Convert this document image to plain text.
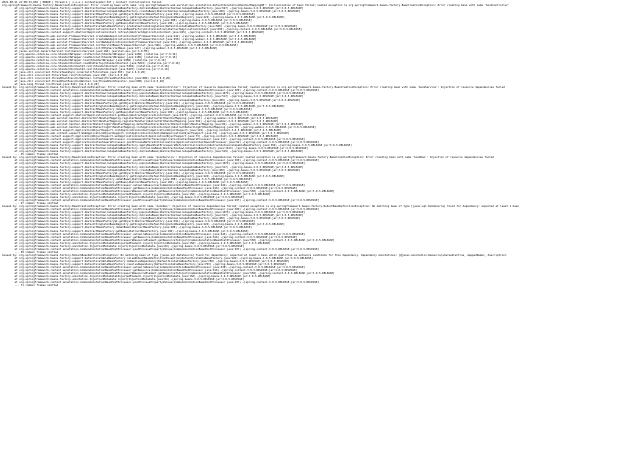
2021-08-21 21:00:34,836 | ERROR | Thread-1 | o.s.w.c.ContextLoader:347 | Context initialization failed
org.springframework.beans.factory.BeanCreationException: Error creating bean with name 'org.springframework.web.servlet.mvc.annotation.DefaultAnnotationHandlerMapping#0': Initialization of bean failed; nested exception is org.springframework.beans.factory.BeanCreationException: Error creating bean with name 'bookController'
	at org.springframework.beans.factory.support.AbstractAutowireCapableBeanFactory.doCreateBean(AbstractAutowireCapableBeanFactory.java:527) ~[spring-beans-3.0.5.RELEASE.jar:3.0.5.RELEASE]
	at org.springframework.beans.factory.support.AbstractAutowireCapableBeanFactory.createBean(AbstractAutowireCapableBeanFactory.java:456) ~[spring-beans-3.0.5.RELEASE.jar:3.0.5.RELEASE]
	at org.springframework.beans.factory.support.AbstractBeanFactory$1.getObject(AbstractBeanFactory.java:291) ~[spring-beans-3.0.5.RELEASE.jar:3.0.5.RELEASE]
	at org.springframework.beans.factory.support.DefaultSingletonBeanRegistry.getSingleton(DefaultSingletonBeanRegistry.java:222) ~[spring-beans-3.0.5.RELEASE.jar:3.0.5.RELEASE]
	at org.springframework.beans.factory.support.AbstractBeanFactory.doGetBean(AbstractBeanFactory.java:288) ~[spring-beans-3.0.5.RELEASE.jar:3.0.5.RELEASE]
	at org.springframework.beans.factory.support.AbstractBeanFactory.getBean(AbstractBeanFactory.java:190) ~[spring-beans-3.0.5.RELEASE.jar:3.0.5.RELEASE]
	at org.springframework.beans.factory.support.DefaultListableBeanFactory.preInstantiateSingletons(DefaultListableBeanFactory.java:580) ~[spring-beans-3.0.5.RELEASE.jar:3.0.5.RELEASE]
	at org.springframework.context.support.AbstractApplicationContext.finishBeanFactoryInitialization(AbstractApplicationContext.java:895) ~[spring-context-3.0.5.RELEASE.jar:3.0.5.RELEASE]
	at org.springframework.context.support.AbstractApplicationContext.refresh(AbstractApplicationContext.java:425) ~[spring-context-3.0.5.RELEASE.jar:3.0.5.RELEASE]
	at org.springframework.web.servlet.FrameworkServlet.createWebApplicationContext(FrameworkServlet.java:442) ~[spring-webmvc-3.0.5.RELEASE.jar:3.0.5.RELEASE]
	at org.springframework.web.servlet.FrameworkServlet.createWebApplicationContext(FrameworkServlet.java:458) ~[spring-webmvc-3.0.5.RELEASE.jar:3.0.5.RELEASE]
	at org.springframework.web.servlet.FrameworkServlet.initWebApplicationContext(FrameworkServlet.java:339) ~[spring-webmvc-3.0.5.RELEASE.jar:3.0.5.RELEASE]
	at org.springframework.web.servlet.FrameworkServlet.initServletBean(FrameworkServlet.java:306) ~[spring-webmvc-3.0.5.RELEASE.jar:3.0.5.RELEASE]
	at org.springframework.web.servlet.HttpServletBean.init(HttpServletBean.java:127) ~[spring-webmvc-3.0.5.RELEASE.jar:3.0.5.RELEASE]
	at javax.servlet.GenericServlet.init(GenericServlet.java:160) [servlet-api.jar:3.0.FR]
	at org.apache.catalina.core.StandardWrapper.initServlet(StandardWrapper.java:1266) [catalina.jar:7.0.16]
	at org.apache.catalina.core.StandardWrapper.loadServlet(StandardWrapper.java:1185) [catalina.jar:7.0.16]
	at org.apache.catalina.core.StandardWrapper.load(StandardWrapper.java:1080) [catalina.jar:7.0.16]
	at org.apache.catalina.core.StandardContext.loadOnStartup(StandardContext.java:5015) [catalina.jar:7.0.16]
	at org.apache.catalina.core.StandardContext$3.call(StandardContext.java:5302) [catalina.jar:7.0.16]
	at org.apache.catalina.core.StandardContext$3.call(StandardContext.java:5297) [catalina.jar:7.0.16]
	at java.util.concurrent.FutureTask$Sync.innerCall(FutureTask.java:303) [na:1.6.0_20]
	at java.util.concurrent.FutureTask.run(FutureTask.java:138) [na:1.6.0_20]
	at java.util.concurrent.ThreadPoolExecutor$Worker.runTask(ThreadPoolExecutor.java:886) [na:1.6.0_20]
	at java.util.concurrent.ThreadPoolExecutor$Worker.run(ThreadPoolExecutor.java:908) [na:1.6.0_20]
	at java.lang.Thread.run(Thread.java:619) [na:1.6.0_20]
Caused by: org.springframework.beans.factory.BeanCreationException: Error creating bean with name 'bookController': Injection of resource dependencies failed; nested exception is org.springframework.beans.factory.BeanCreationException: Error creating bean with name 'bookService': Injection of resource dependencies failed
	at org.springframework.context.annotation.CommonAnnotationBeanPostProcessor.postProcessPropertyValues(CommonAnnotationBeanPostProcessor.java:300) ~[spring-context-3.0.5.RELEASE.jar:3.0.5.RELEASE]
	at org.springframework.beans.factory.support.AbstractAutowireCapableBeanFactory.populateBean(AbstractAutowireCapableBeanFactory.java:1074) ~[spring-beans-3.0.5.RELEASE.jar:3.0.5.RELEASE]
	at org.springframework.beans.factory.support.AbstractAutowireCapableBeanFactory.doCreateBean(AbstractAutowireCapableBeanFactory.java:517) ~[spring-beans-3.0.5.RELEASE.jar:3.0.5.RELEASE]
	at org.springframework.beans.factory.support.AbstractAutowireCapableBeanFactory.createBean(AbstractAutowireCapableBeanFactory.java:456) ~[spring-beans-3.0.5.RELEASE.jar:3.0.5.RELEASE]
	at org.springframework.beans.factory.support.AbstractBeanFactory$1.getObject(AbstractBeanFactory.java:291) ~[spring-beans-3.0.5.RELEASE.jar:3.0.5.RELEASE]
	at org.springframework.beans.factory.support.DefaultSingletonBeanRegistry.getSingleton(DefaultSingletonBeanRegistry.java:222) ~[spring-beans-3.0.5.RELEASE.jar:3.0.5.RELEASE]
	at org.springframework.beans.factory.support.AbstractBeanFactory.doGetBean(AbstractBeanFactory.java:288) ~[spring-beans-3.0.5.RELEASE.jar:3.0.5.RELEASE]
	at org.springframework.beans.factory.support.AbstractBeanFactory.getBean(AbstractBeanFactory.java:190) ~[spring-beans-3.0.5.RELEASE.jar:3.0.5.RELEASE]
	at org.springframework.context.support.AbstractApplicationContext.getBean(AbstractApplicationContext.java:1075) ~[spring-context-3.0.5.RELEASE.jar:3.0.5.RELEASE]
	at org.springframework.web.servlet.handler.AbstractUrlHandlerMapping.registerHandler(AbstractUrlHandlerMapping.java:383) ~[spring-webmvc-3.0.5.RELEASE.jar:3.0.5.RELEASE]
	at org.springframework.web.servlet.handler.AbstractUrlHandlerMapping.registerHandler(AbstractUrlHandlerMapping.java:362) ~[spring-webmvc-3.0.5.RELEASE.jar:3.0.5.RELEASE]
	at org.springframework.web.servlet.handler.AbstractDetectingUrlHandlerMapping.detectHandlers(AbstractDetectingUrlHandlerMapping.java:82) ~[spring-webmvc-3.0.5.RELEASE.jar:3.0.5.RELEASE]
	at org.springframework.web.servlet.handler.AbstractDetectingUrlHandlerMapping.initApplicationContext(AbstractDetectingUrlHandlerMapping.java:58) ~[spring-webmvc-3.0.5.RELEASE.jar:3.0.5.RELEASE]
	at org.springframework.context.support.ApplicationObjectSupport.initApplicationContext(ApplicationObjectSupport.java:119) ~[spring-context-3.0.5.RELEASE.jar:3.0.5.RELEASE]
	at org.springframework.web.context.support.WebApplicationObjectSupport.initApplicationContext(WebApplicationObjectSupport.java:72) ~[spring-web-3.0.5.RELEASE.jar:3.0.5.RELEASE]
	at org.springframework.context.support.ApplicationObjectSupport.setApplicationContext(ApplicationObjectSupport.java:73) ~[spring-context-3.0.5.RELEASE.jar:3.0.5.RELEASE]
	at org.springframework.context.support.ApplicationContextAwareProcessor.invokeAwareInterfaces(ApplicationContextAwareProcessor.java:117) ~[spring-context-3.0.5.RELEASE.jar:3.0.5.RELEASE]
	at org.springframework.context.support.ApplicationContextAwareProcessor.postProcessBeforeInitialization(ApplicationContextAwareProcessor.java:92) ~[spring-context-3.0.5.RELEASE.jar:3.0.5.RELEASE]
	at org.springframework.beans.factory.support.AbstractAutowireCapableBeanFactory.applyBeanPostProcessorsBeforeInitialization(AbstractAutowireCapableBeanFactory.java:394) ~[spring-beans-3.0.5.RELEASE.jar:3.0.5.RELEASE]
	at org.springframework.beans.factory.support.AbstractAutowireCapableBeanFactory.initializeBean(AbstractAutowireCapableBeanFactory.java:1413) ~[spring-beans-3.0.5.RELEASE.jar:3.0.5.RELEASE]
	at org.springframework.beans.factory.support.AbstractAutowireCapableBeanFactory.doCreateBean(AbstractAutowireCapableBeanFactory.java:519) ~[spring-beans-3.0.5.RELEASE.jar:3.0.5.RELEASE]
	... 25 common frames omitted
Caused by: org.springframework.beans.factory.BeanCreationException: Error creating bean with name 'bookService': Injection of resource dependencies failed; nested exception is org.springframework.beans.factory.BeanCreationException: Error creating bean with name 'bookDao': Injection of resource dependencies failed
	at org.springframework.context.annotation.CommonAnnotationBeanPostProcessor.postProcessPropertyValues(CommonAnnotationBeanPostProcessor.java:300) ~[spring-context-3.0.5.RELEASE.jar:3.0.5.RELEASE]
	at org.springframework.beans.factory.support.AbstractAutowireCapableBeanFactory.populateBean(AbstractAutowireCapableBeanFactory.java:1074) ~[spring-beans-3.0.5.RELEASE.jar:3.0.5.RELEASE]
	at org.springframework.beans.factory.support.AbstractAutowireCapableBeanFactory.doCreateBean(AbstractAutowireCapableBeanFactory.java:517) ~[spring-beans-3.0.5.RELEASE.jar:3.0.5.RELEASE]
	at org.springframework.beans.factory.support.AbstractAutowireCapableBeanFactory.createBean(AbstractAutowireCapableBeanFactory.java:456) ~[spring-beans-3.0.5.RELEASE.jar:3.0.5.RELEASE]
	at org.springframework.beans.factory.support.AbstractBeanFactory$1.getObject(AbstractBeanFactory.java:291) ~[spring-beans-3.0.5.RELEASE.jar:3.0.5.RELEASE]
	at org.springframework.beans.factory.support.DefaultSingletonBeanRegistry.getSingleton(DefaultSingletonBeanRegistry.java:222) ~[spring-beans-3.0.5.RELEASE.jar:3.0.5.RELEASE]
	at org.springframework.beans.factory.support.AbstractBeanFactory.doGetBean(AbstractBeanFactory.java:288) ~[spring-beans-3.0.5.RELEASE.jar:3.0.5.RELEASE]
	at org.springframework.beans.factory.support.AbstractBeanFactory.getBean(AbstractBeanFactory.java:190) ~[spring-beans-3.0.5.RELEASE.jar:3.0.5.RELEASE]
	at org.springframework.context.annotation.CommonAnnotationBeanPostProcessor.autowireResource(CommonAnnotationBeanPostProcessor.java:442) ~[spring-context-3.0.5.RELEASE.jar:3.0.5.RELEASE]
	at org.springframework.context.annotation.CommonAnnotationBeanPostProcessor.getResource(CommonAnnotationBeanPostProcessor.java:416) ~[spring-context-3.0.5.RELEASE.jar:3.0.5.RELEASE]
	at org.springframework.context.annotation.CommonAnnotationBeanPostProcessor$ResourceElement.getResourceToInject(CommonAnnotationBeanPostProcessor.java:550) ~[spring-context-3.0.5.RELEASE.jar:3.0.5.RELEASE]
	at org.springframework.beans.factory.annotation.InjectionMetadata$InjectedElement.inject(InjectionMetadata.java:150) ~[spring-beans-3.0.5.RELEASE.jar:3.0.5.RELEASE]
	at org.springframework.beans.factory.annotation.InjectionMetadata.inject(InjectionMetadata.java:84) ~[spring-beans-3.0.5.RELEASE.jar:3.0.5.RELEASE]
	at org.springframework.context.annotation.CommonAnnotationBeanPostProcessor.postProcessPropertyValues(CommonAnnotationBeanPostProcessor.java:297) ~[spring-context-3.0.5.RELEASE.jar:3.0.5.RELEASE]
	... 47 common frames omitted
Caused by: org.springframework.beans.factory.BeanCreationException: Error creating bean with name 'bookDao': Injection of resource dependencies failed; nested exception is org.springframework.beans.factory.NoSuchBeanDefinitionException: No matching bean of type [javax.sql.DataSource] found for dependency: expected at least 1 bean
	at org.springframework.context.annotation.CommonAnnotationBeanPostProcessor.postProcessPropertyValues(CommonAnnotationBeanPostProcessor.java:300) ~[spring-context-3.0.5.RELEASE.jar:3.0.5.RELEASE]
	at org.springframework.beans.factory.support.AbstractAutowireCapableBeanFactory.populateBean(AbstractAutowireCapableBeanFactory.java:1074) ~[spring-beans-3.0.5.RELEASE.jar:3.0.5.RELEASE]
	at org.springframework.beans.factory.support.AbstractAutowireCapableBeanFactory.doCreateBean(AbstractAutowireCapableBeanFactory.java:517) ~[spring-beans-3.0.5.RELEASE.jar:3.0.5.RELEASE]
	at org.springframework.beans.factory.support.AbstractAutowireCapableBeanFactory.createBean(AbstractAutowireCapableBeanFactory.java:456) ~[spring-beans-3.0.5.RELEASE.jar:3.0.5.RELEASE]
	at org.springframework.beans.factory.support.AbstractBeanFactory$1.getObject(AbstractBeanFactory.java:291) ~[spring-beans-3.0.5.RELEASE.jar:3.0.5.RELEASE]
	at org.springframework.beans.factory.support.DefaultSingletonBeanRegistry.getSingleton(DefaultSingletonBeanRegistry.java:222) ~[spring-beans-3.0.5.RELEASE.jar:3.0.5.RELEASE]
	at org.springframework.beans.factory.support.AbstractBeanFactory.doGetBean(AbstractBeanFactory.java:288) ~[spring-beans-3.0.5.RELEASE.jar:3.0.5.RELEASE]
	at org.springframework.beans.factory.support.AbstractBeanFactory.getBean(AbstractBeanFactory.java:190) ~[spring-beans-3.0.5.RELEASE.jar:3.0.5.RELEASE]
	at org.springframework.context.annotation.CommonAnnotationBeanPostProcessor.autowireResource(CommonAnnotationBeanPostProcessor.java:442) ~[spring-context-3.0.5.RELEASE.jar:3.0.5.RELEASE]
	at org.springframework.context.annotation.CommonAnnotationBeanPostProcessor.getResource(CommonAnnotationBeanPostProcessor.java:416) ~[spring-context-3.0.5.RELEASE.jar:3.0.5.RELEASE]
	at org.springframework.context.annotation.CommonAnnotationBeanPostProcessor$ResourceElement.getResourceToInject(CommonAnnotationBeanPostProcessor.java:550) ~[spring-context-3.0.5.RELEASE.jar:3.0.5.RELEASE]
	at org.springframework.beans.factory.annotation.InjectionMetadata$InjectedElement.inject(InjectionMetadata.java:150) ~[spring-beans-3.0.5.RELEASE.jar:3.0.5.RELEASE]
	at org.springframework.beans.factory.annotation.InjectionMetadata.inject(InjectionMetadata.java:84) ~[spring-beans-3.0.5.RELEASE.jar:3.0.5.RELEASE]
	at org.springframework.context.annotation.CommonAnnotationBeanPostProcessor.postProcessPropertyValues(CommonAnnotationBeanPostProcessor.java:297) ~[spring-context-3.0.5.RELEASE.jar:3.0.5.RELEASE]
	... 59 common frames omitted
Caused by: org.springframework.beans.factory.NoSuchBeanDefinitionException: No matching bean of type [javax.sql.DataSource] found for dependency: expected at least 1 bean which qualifies as autowire candidate for this dependency. Dependency annotations: {@javax.annotation.Resource(shareable=true, mappedName=, description=
	at org.springframework.beans.factory.support.DefaultListableBeanFactory.raiseNoSuchBeanDefinitionException(DefaultListableBeanFactory.java:920) ~[spring-beans-3.0.5.RELEASE.jar:3.0.5.RELEASE]
	at org.springframework.beans.factory.support.DefaultListableBeanFactory.doResolveDependency(DefaultListableBeanFactory.java:789) ~[spring-beans-3.0.5.RELEASE.jar:3.0.5.RELEASE]
	at org.springframework.beans.factory.support.DefaultListableBeanFactory.resolveDependency(DefaultListableBeanFactory.java:703) ~[spring-beans-3.0.5.RELEASE.jar:3.0.5.RELEASE]
	at org.springframework.context.annotation.CommonAnnotationBeanPostProcessor.autowireResource(CommonAnnotationBeanPostProcessor.java:438) ~[spring-context-3.0.5.RELEASE.jar:3.0.5.RELEASE]
	at org.springframework.context.annotation.CommonAnnotationBeanPostProcessor.getResource(CommonAnnotationBeanPostProcessor.java:416) ~[spring-context-3.0.5.RELEASE.jar:3.0.5.RELEASE]
	at org.springframework.context.annotation.CommonAnnotationBeanPostProcessor$ResourceElement.getResourceToInject(CommonAnnotationBeanPostProcessor.java:550) ~[spring-context-3.0.5.RELEASE.jar:3.0.5.RELEASE]
	at org.springframework.beans.factory.annotation.InjectionMetadata$InjectedElement.inject(InjectionMetadata.java:150) ~[spring-beans-3.0.5.RELEASE.jar:3.0.5.RELEASE]
	at org.springframework.beans.factory.annotation.InjectionMetadata.inject(InjectionMetadata.java:84) ~[spring-beans-3.0.5.RELEASE.jar:3.0.5.RELEASE]
	at org.springframework.context.annotation.CommonAnnotationBeanPostProcessor.postProcessPropertyValues(CommonAnnotationBeanPostProcessor.java:297) ~[spring-context-3.0.5.RELEASE.jar:3.0.5.RELEASE]
	... 71 common frames omitted
